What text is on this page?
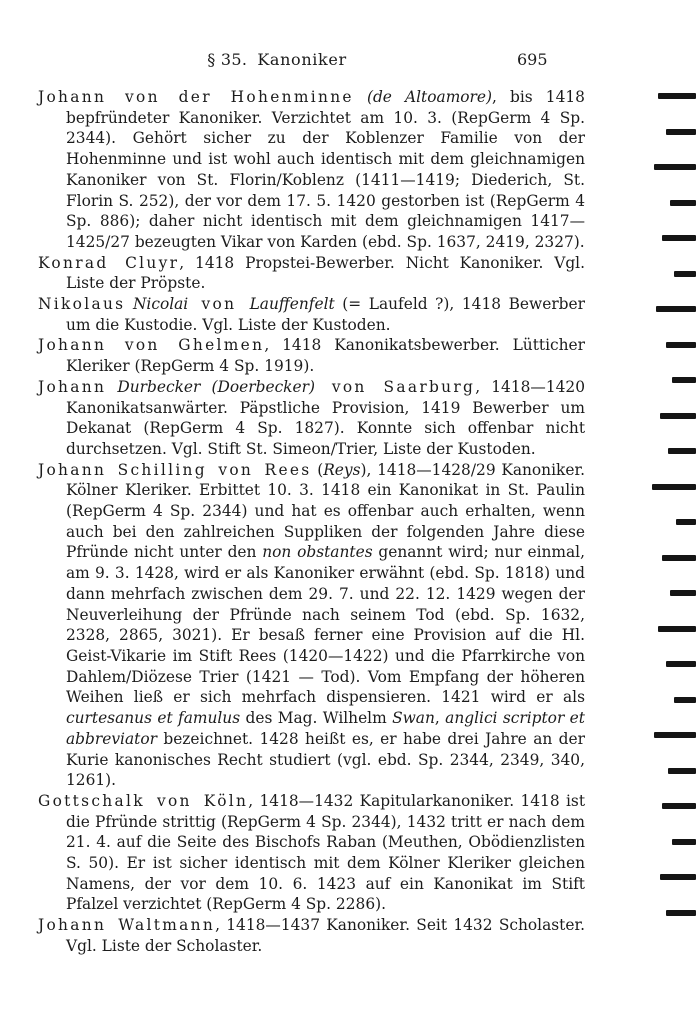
§ 35. Kanoniker	695
Johann von der Hohenminne (de Altoamore), bis 1418 bepfründeter Kanoniker. Verzichtet am 10. 3. (RepGerm 4 Sp. 2344). Gehört sicher zu der Koblenzer Familie von der Hohenminne und ist wohl auch identisch mit dem gleichnamigen Kanoniker von St. Florin/Koblenz (1411—1419; Diederich, St. Florin S. 252), der vor dem 17. 5. 1420 gestorben ist (RepGerm 4 Sp. 886); daher nicht identisch mit dem gleichnamigen 1417—1425/27 bezeugten Vikar von Karden (ebd. Sp. 1637, 2419, 2327).
Konrad Cluyr, 1418 Propstei-Bewerber. Nicht Kanoniker. Vgl. Liste der Pröpste.
Nikolaus Nicolai von Lauffenfelt (= Laufeld ?), 1418 Bewerber um die Kustodie. Vgl. Liste der Kustoden.
Johann von Ghelmen, 1418 Kanonikatsbewerber. Lütticher Kleriker (RepGerm 4 Sp. 1919).
Johann Durbecker (Doerbecker) von Saarburg, 1418—1420 Kanonikatsanwärter. Päpstliche Provision, 1419 Bewerber um Dekanat (RepGerm 4 Sp. 1827). Konnte sich offenbar nicht durchsetzen. Vgl. Stift St. Simeon/Trier, Liste der Kustoden.
Johann Schilling von Rees (Reys), 1418—1428/29 Kanoniker. Kölner Kleriker. Erbittet 10. 3. 1418 ein Kanonikat in St. Paulin (RepGerm 4 Sp. 2344) und hat es offenbar auch erhalten, wenn auch bei den zahlreichen Suppliken der folgenden Jahre diese Pfründe nicht unter den non obstantes genannt wird; nur einmal, am 9. 3. 1428, wird er als Kanoniker erwähnt (ebd. Sp. 1818) und dann mehrfach zwischen dem 29. 7. und 22. 12. 1429 wegen der Neuverleihung der Pfründe nach seinem Tod (ebd. Sp. 1632, 2328, 2865, 3021). Er besaß ferner eine Provision auf die Hl. Geist-Vikarie im Stift Rees (1420—1422) und die Pfarrkirche von Dahlem/Diözese Trier (1421 — Tod). Vom Empfang der höheren Weihen ließ er sich mehrfach dispensieren. 1421 wird er als curtesanus et famulus des Mag. Wilhelm Swan, anglici scriptor et abbreviator bezeichnet. 1428 heißt es, er habe drei Jahre an der Kurie kanonisches Recht studiert (vgl. ebd. Sp. 2344, 2349, 340, 1261).
Gottschalk von Köln, 1418—1432 Kapitularkanoniker. 1418 ist die Pfründe strittig (RepGerm 4 Sp. 2344), 1432 tritt er nach dem 21. 4. auf die Seite des Bischofs Raban (Meuthen, Obödienzlisten S. 50). Er ist sicher identisch mit dem Kölner Kleriker gleichen Namens, der vor dem 10. 6. 1423 auf ein Kanonikat im Stift Pfalzel verzichtet (RepGerm 4 Sp. 2286).
Johann Waltmann, 1418—1437 Kanoniker. Seit 1432 Scholaster. Vgl. Liste der Scholaster.
